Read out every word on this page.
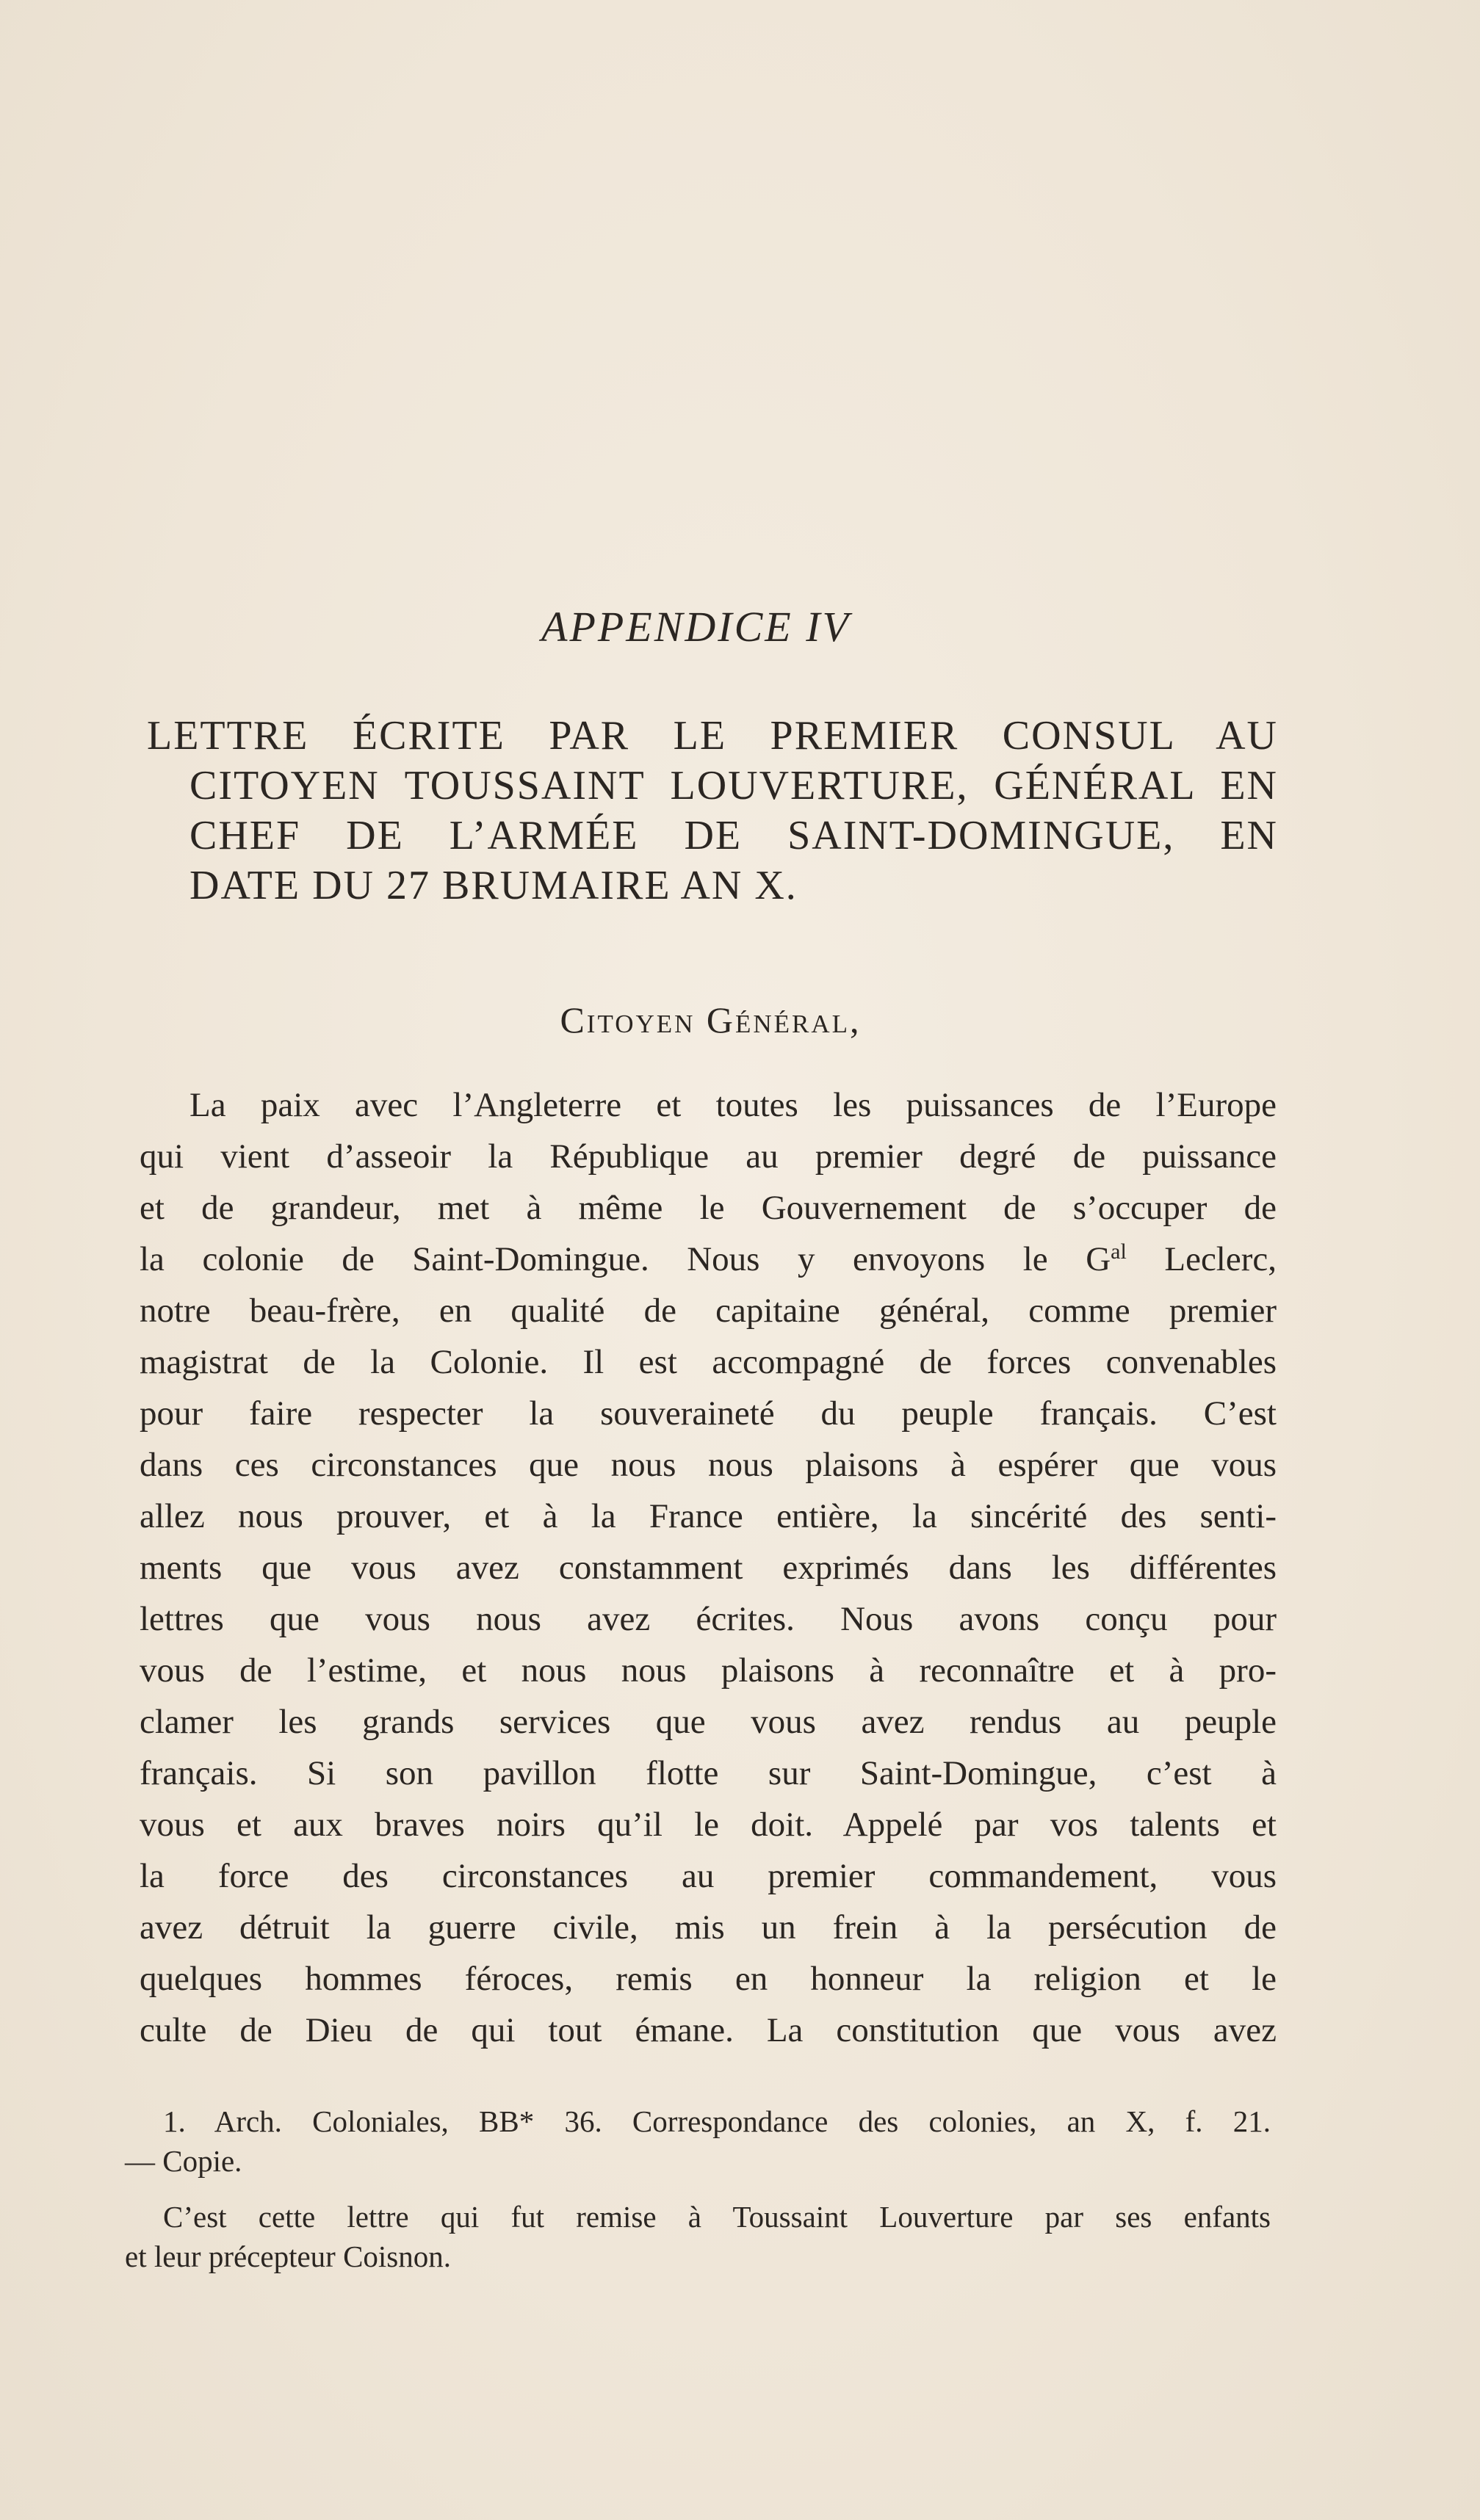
APPENDICE IV
LETTRE ÉCRITE PAR LE PREMIER CONSUL AU
CITOYEN TOUSSAINT LOUVERTURE, GÉNÉRAL EN
CHEF DE L’ARMÉE DE SAINT-DOMINGUE, EN
DATE DU 27 BRUMAIRE AN X.
Citoyen Général,
La paix avec l’Angleterre et toutes les puissances de l’Europe
qui vient d’asseoir la République au premier degré de puissance
et de grandeur, met à même le Gouvernement de s’occuper de
la colonie de Saint-Domingue. Nous y envoyons le $G^{al}$ Leclerc,
notre beau-frère, en qualité de capitaine général, comme premier
magistrat de la Colonie. Il est accompagné de forces convenables
pour faire respecter la souveraineté du peuple français. C’est
dans ces circonstances que nous nous plaisons à espérer que vous
allez nous prouver, et à la France entière, la sincérité des senti-
ments que vous avez constamment exprimés dans les différentes
lettres que vous nous avez écrites. Nous avons conçu pour
vous de l’estime, et nous nous plaisons à reconnaître et à pro-
clamer les grands services que vous avez rendus au peuple
français. Si son pavillon flotte sur Saint-Domingue, c’est à
vous et aux braves noirs qu’il le doit. Appelé par vos talents et
la force des circonstances au premier commandement, vous
avez détruit la guerre civile, mis un frein à la persécution de
quelques hommes féroces, remis en honneur la religion et le
culte de Dieu de qui tout émane. La constitution que vous avez
1. Arch. Coloniales, BB* 36. Correspondance des colonies, an X, f. 21.
— Copie.
C’est cette lettre qui fut remise à Toussaint Louverture par ses enfants
et leur précepteur Coisnon.
